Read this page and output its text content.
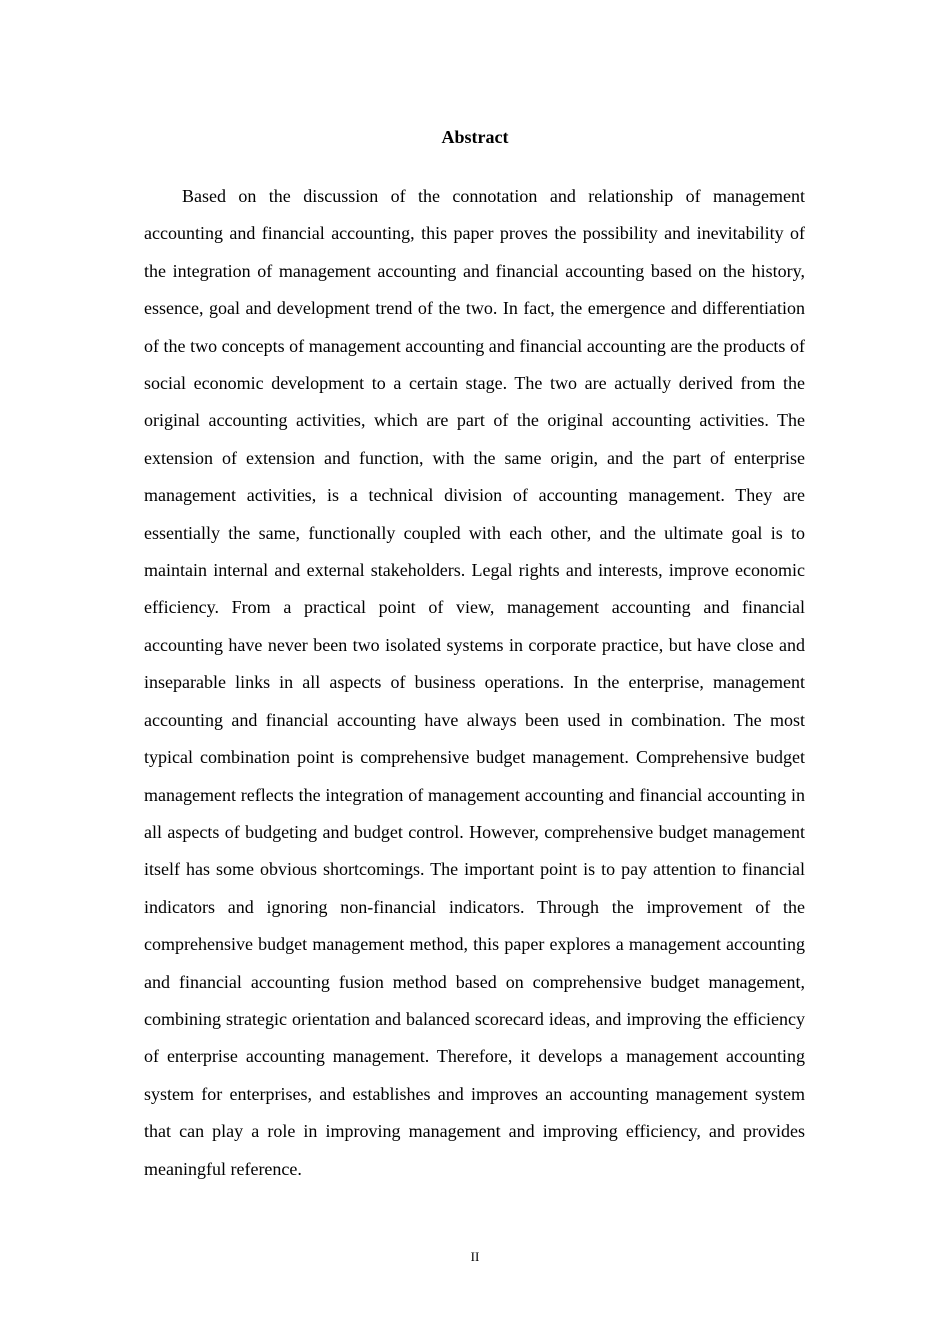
Abstract

Based on the discussion of the connotation and relationship of management accounting and financial accounting, this paper proves the possibility and inevitability of the integration of management accounting and financial accounting based on the history, essence, goal and development trend of the two. In fact, the emergence and differentiation of the two concepts of management accounting and financial accounting are the products of social economic development to a certain stage. The two are actually derived from the original accounting activities, which are part of the original accounting activities. The extension of extension and function, with the same origin, and the part of enterprise management activities, is a technical division of accounting management. They are essentially the same, functionally coupled with each other, and the ultimate goal is to maintain internal and external stakeholders. Legal rights and interests, improve economic efficiency. From a practical point of view, management accounting and financial accounting have never been two isolated systems in corporate practice, but have close and inseparable links in all aspects of business operations. In the enterprise, management accounting and financial accounting have always been used in combination. The most typical combination point is comprehensive budget management. Comprehensive budget management reflects the integration of management accounting and financial accounting in all aspects of budgeting and budget control. However, comprehensive budget management itself has some obvious shortcomings. The important point is to pay attention to financial indicators and ignoring non-financial indicators. Through the improvement of the comprehensive budget management method, this paper explores a management accounting and financial accounting fusion method based on comprehensive budget management, combining strategic orientation and balanced scorecard ideas, and improving the efficiency of enterprise accounting management. Therefore, it develops a management accounting system for enterprises, and establishes and improves an accounting management system that can play a role in improving management and improving efficiency, and provides meaningful reference.

II
